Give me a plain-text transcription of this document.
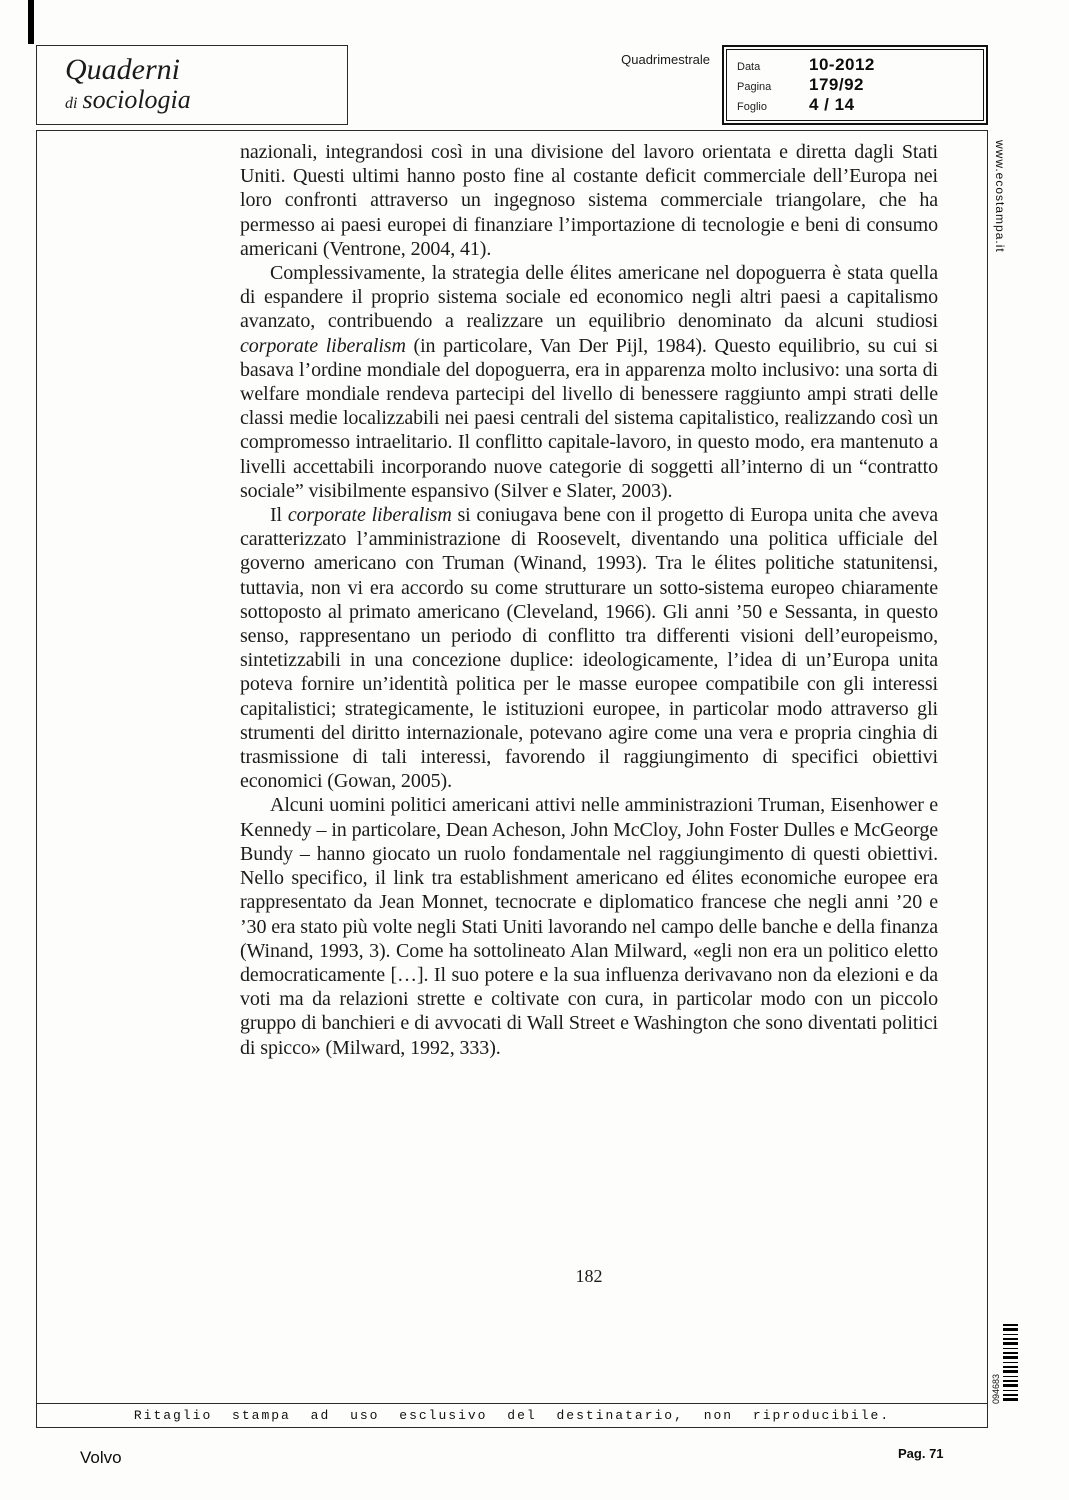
Quaderni
di sociologia
Quadrimestrale Data	10-2012
Pagina	179/92
Foglio	4 / 14

nazionali, integrandosi così in una divisione del lavoro orientata e diretta dagli Stati Uniti. Questi ultimi hanno posto fine al costante deficit commerciale dell’Europa nei loro confronti attraverso un ingegnoso sistema commerciale triangolare, che ha permesso ai paesi europei di finanziare l’importazione di tecnologie e beni di consumo americani (Ventrone, 2004, 41).

Complessivamente, la strategia delle élites americane nel dopoguerra è stata quella di espandere il proprio sistema sociale ed economico negli altri paesi a capitalismo avanzato, contribuendo a realizzare un equilibrio denominato da alcuni studiosi corporate liberalism (in particolare, Van Der Pijl, 1984). Questo equilibrio, su cui si basava l’ordine mondiale del dopoguerra, era in apparenza molto inclusivo: una sorta di welfare mondiale rendeva partecipi del livello di benessere raggiunto ampi strati delle classi medie localizzabili nei paesi centrali del sistema capitalistico, realizzando così un compromesso intraelitario. Il conflitto capitale-lavoro, in questo modo, era mantenuto a livelli accettabili incorporando nuove categorie di soggetti all’interno di un “contratto sociale” visibilmente espansivo (Silver e Slater, 2003).

Il corporate liberalism si coniugava bene con il progetto di Europa unita che aveva caratterizzato l’amministrazione di Roosevelt, diventando una politica ufficiale del governo americano con Truman (Winand, 1993). Tra le élites politiche statunitensi, tuttavia, non vi era accordo su come strutturare un sotto-sistema europeo chiaramente sottoposto al primato americano (Cleveland, 1966). Gli anni ’50 e Sessanta, in questo senso, rappresentano un periodo di conflitto tra differenti visioni dell’europeismo, sintetizzabili in una concezione duplice: ideologicamente, l’idea di un’Europa unita poteva fornire un’identità politica per le masse europee compatibile con gli interessi capitalistici; strategicamente, le istituzioni europee, in particolar modo attraverso gli strumenti del diritto internazionale, potevano agire come una vera e propria cinghia di trasmissione di tali interessi, favorendo il raggiungimento di specifici obiettivi economici (Gowan, 2005).

Alcuni uomini politici americani attivi nelle amministrazioni Truman, Eisenhower e Kennedy – in particolare, Dean Acheson, John McCloy, John Foster Dulles e McGeorge Bundy – hanno giocato un ruolo fondamentale nel raggiungimento di questi obiettivi. Nello specifico, il link tra establishment americano ed élites economiche europee era rappresentato da Jean Monnet, tecnocrate e diplomatico francese che negli anni ’20 e ’30 era stato più volte negli Stati Uniti lavorando nel campo delle banche e della finanza (Winand, 1993, 3). Come ha sottolineato Alan Milward, «egli non era un politico eletto democraticamente […]. Il suo potere e la sua influenza derivavano non da elezioni e da voti ma da relazioni strette e coltivate con cura, in particolar modo con un piccolo gruppo di banchieri e di avvocati di Wall Street e Washington che sono diventati politici di spicco» (Milward, 1992, 333).

182
Ritaglio stampa ad uso esclusivo del destinatario, non riproducibile.
www.ecostampa.it
094683
Volvo	Pag. 71
